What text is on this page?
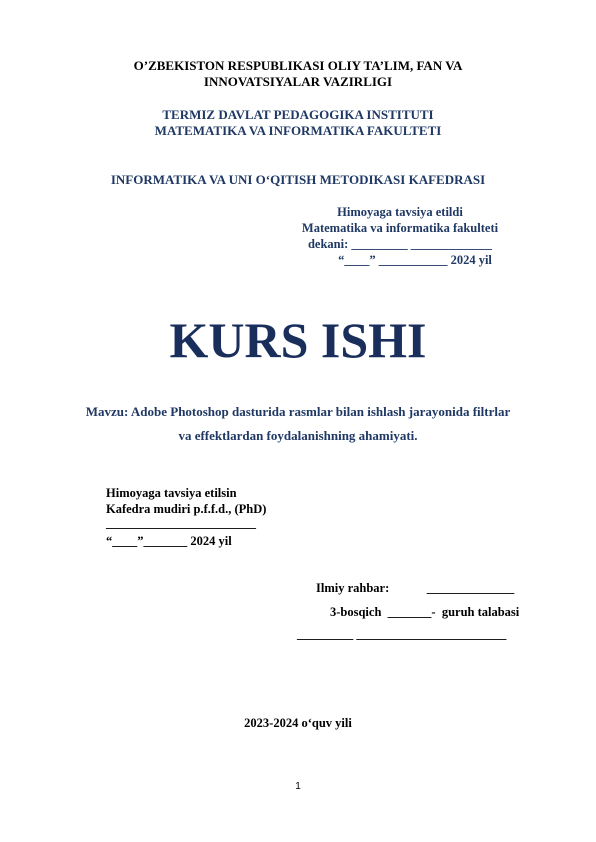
O’ZBEKISTON RESPUBLIKASI OLIY TA’LIM, FAN VA
INNOVATSIYALAR VAZIRLIGI
TERMIZ DAVLAT PEDAGOGIKA INSTITUTI
MATEMATIKA VA INFORMATIKA FAKULTETI
INFORMATIKA VA UNI O‘QITISH METODIKASI KAFEDRASI
Himoyaga tavsiya etildi
Matematika va informatika fakulteti
dekani: _________ _____________
“____” ___________ 2024 yil
KURS ISHI
Mavzu: Adobe Photoshop dasturida rasmlar bilan ishlash jarayonida filtrlar
va effektlardan foydalanishning ahamiyati.
Himoyaga tavsiya etilsin
Kafedra mudiri p.f.f.d., (PhD)
________________________
“____”_______ 2024 yil
Ilmiy rahbar:            ______________
3-bosqich  _______-  guruh talabasi
_________ ________________________
2023-2024 o‘quv yili
1
